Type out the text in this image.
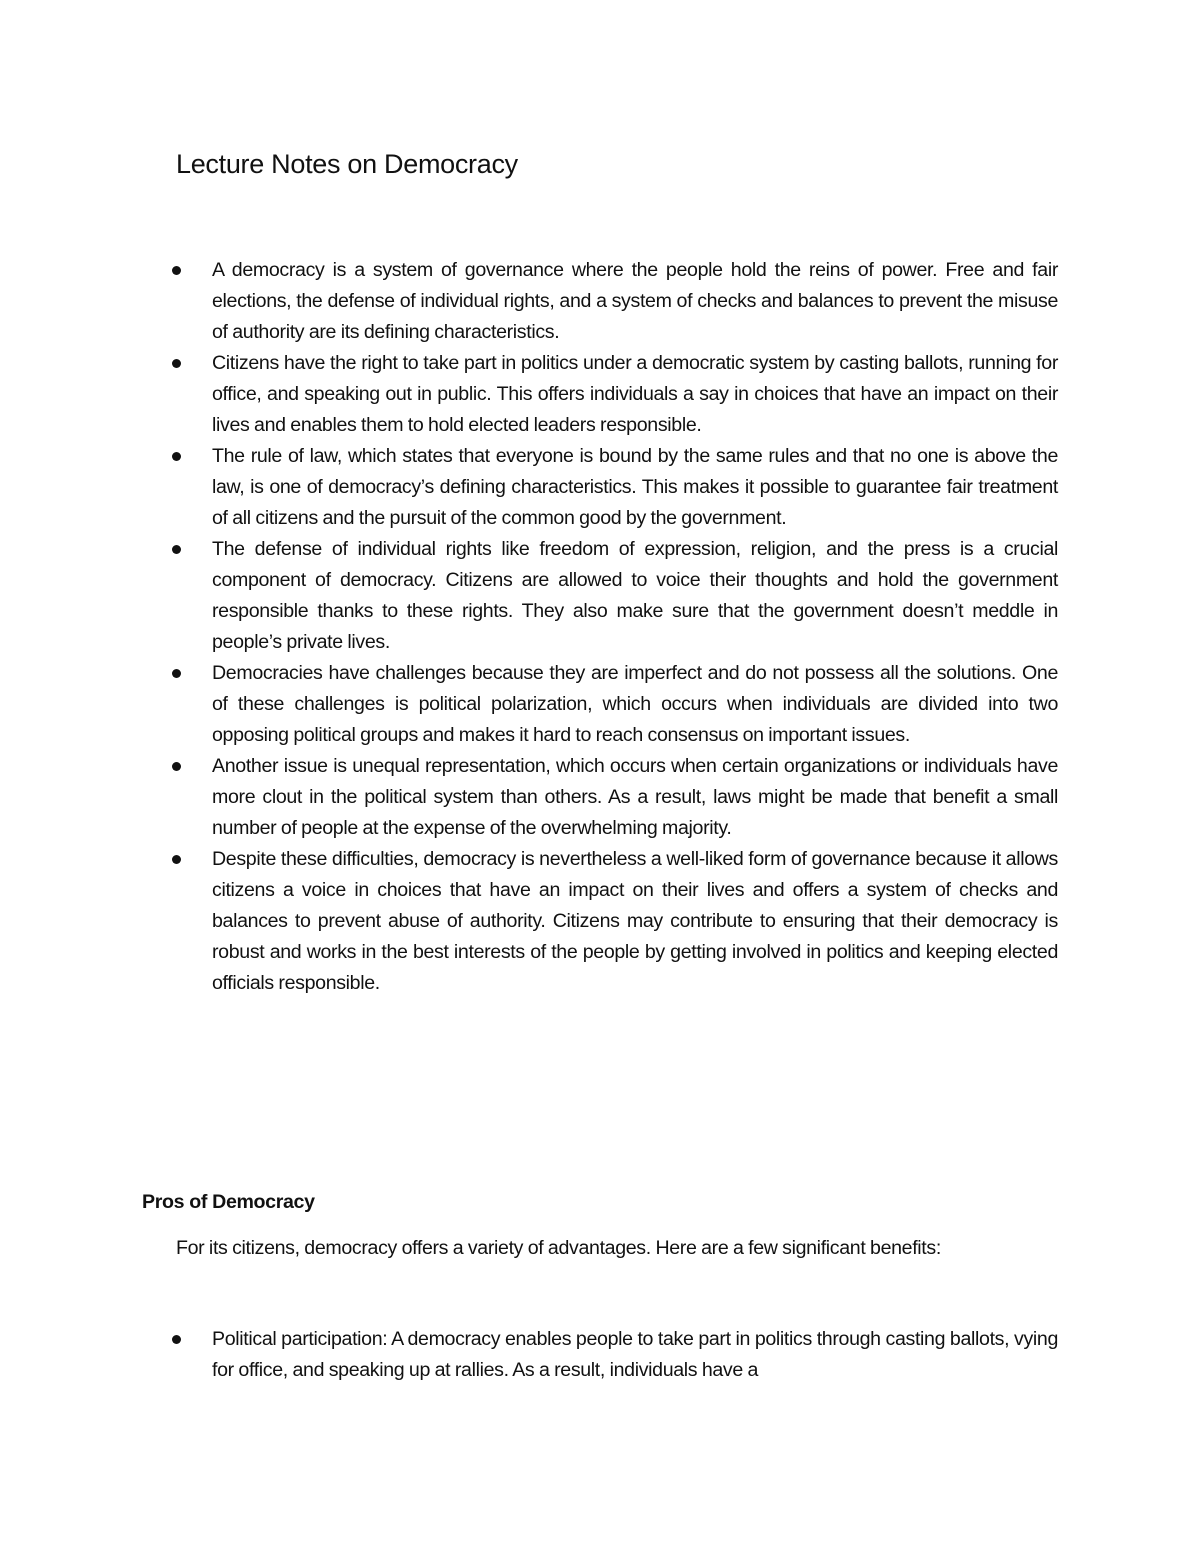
Lecture Notes on Democracy
A democracy is a system of governance where the people hold the reins of power. Free and fair elections, the defense of individual rights, and a system of checks and balances to prevent the misuse of authority are its defining characteristics.
Citizens have the right to take part in politics under a democratic system by casting ballots, running for office, and speaking out in public. This offers individuals a say in choices that have an impact on their lives and enables them to hold elected leaders responsible.
The rule of law, which states that everyone is bound by the same rules and that no one is above the law, is one of democracy’s defining characteristics. This makes it possible to guarantee fair treatment of all citizens and the pursuit of the common good by the government.
The defense of individual rights like freedom of expression, religion, and the press is a crucial component of democracy. Citizens are allowed to voice their thoughts and hold the government responsible thanks to these rights. They also make sure that the government doesn’t meddle in people’s private lives.
Democracies have challenges because they are imperfect and do not possess all the solutions. One of these challenges is political polarization, which occurs when individuals are divided into two opposing political groups and makes it hard to reach consensus on important issues.
Another issue is unequal representation, which occurs when certain organizations or individuals have more clout in the political system than others. As a result, laws might be made that benefit a small number of people at the expense of the overwhelming majority.
Despite these difficulties, democracy is nevertheless a well-liked form of governance because it allows citizens a voice in choices that have an impact on their lives and offers a system of checks and balances to prevent abuse of authority. Citizens may contribute to ensuring that their democracy is robust and works in the best interests of the people by getting involved in politics and keeping elected officials responsible.
Pros of Democracy

For its citizens, democracy offers a variety of advantages. Here are a few significant benefits:

Political participation: A democracy enables people to take part in politics through casting ballots, vying for office, and speaking up at rallies. As a result, individuals have a
